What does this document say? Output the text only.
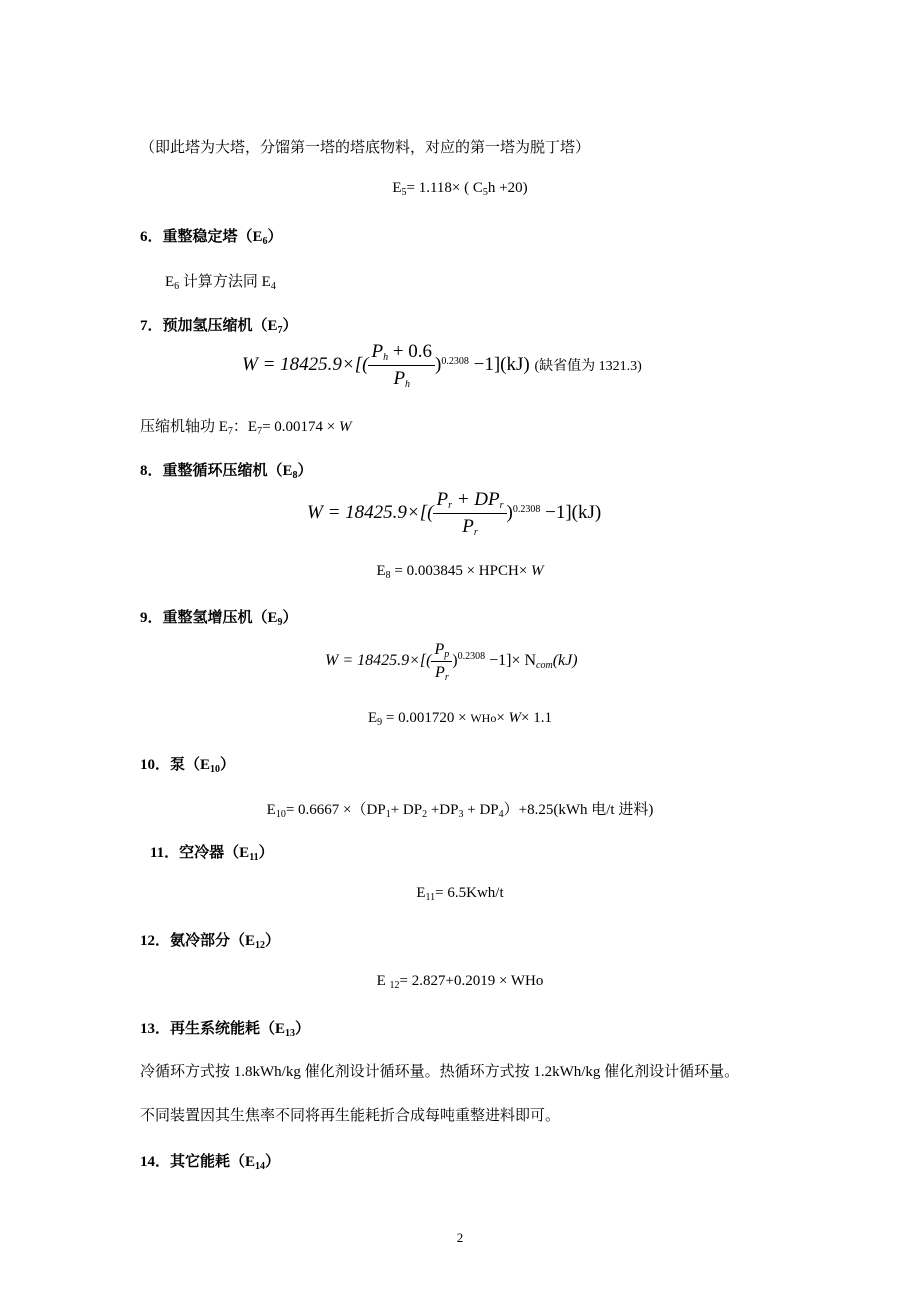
（即此塔为大塔，分馏第一塔的塔底物料，对应的第一塔为脱丁塔）
$E_5= 1.118\times$ ( $C_5h +20$)
6．重整稳定塔$(E_6)$
$E_6$ 计算方法同 $E_4$
7．预加氢压缩机$(E_7)$
$W = 18425.9\times[( \frac{P_h + 0.6}{P_h} )^{0.2308} -1](kJ)$ (缺省值为 1321.3)
压缩机轴功 $E_7$：$E_7= 0.00174 \times W$
8．重整循环压缩机$(E_8)$
$W = 18425.9\times[( \frac{P_r + DP_r}{P_r} )^{0.2308} -1](kJ)$
$E_8 = 0.003845$ × HPCH× W
9．重整氢增压机$(E_9)$
$W = 18425.9\times[( \frac{P_p}{P_r} )^{0.2308} -1]\times N_{com}(kJ)$
$E_9 = 0.001720 \times WHo\times W\times 1.1$
10．泵$(E_{10})$
$E_{10}= 0.6667 \times(DP_1+ DP_2 +DP_3 + DP_4)+8.25(kWh$ 电/t 进料)
11．空冷器$(E_{11})$
$E_{11}= 6.5Kwh/t$
12．氨冷部分$(E_{12})$
E $_{12}$= 2.827+0.2019 × WHo
13．再生系统能耗$(E_{13})$
冷循环方式按 1.8kWh/kg 催化剂设计循环量。热循环方式按 1.2kWh/kg 催化剂设计循环量。
不同装置因其生焦率不同将再生能耗折合成每吨重整进料即可。
14．其它能耗$(E_{14})$
2
